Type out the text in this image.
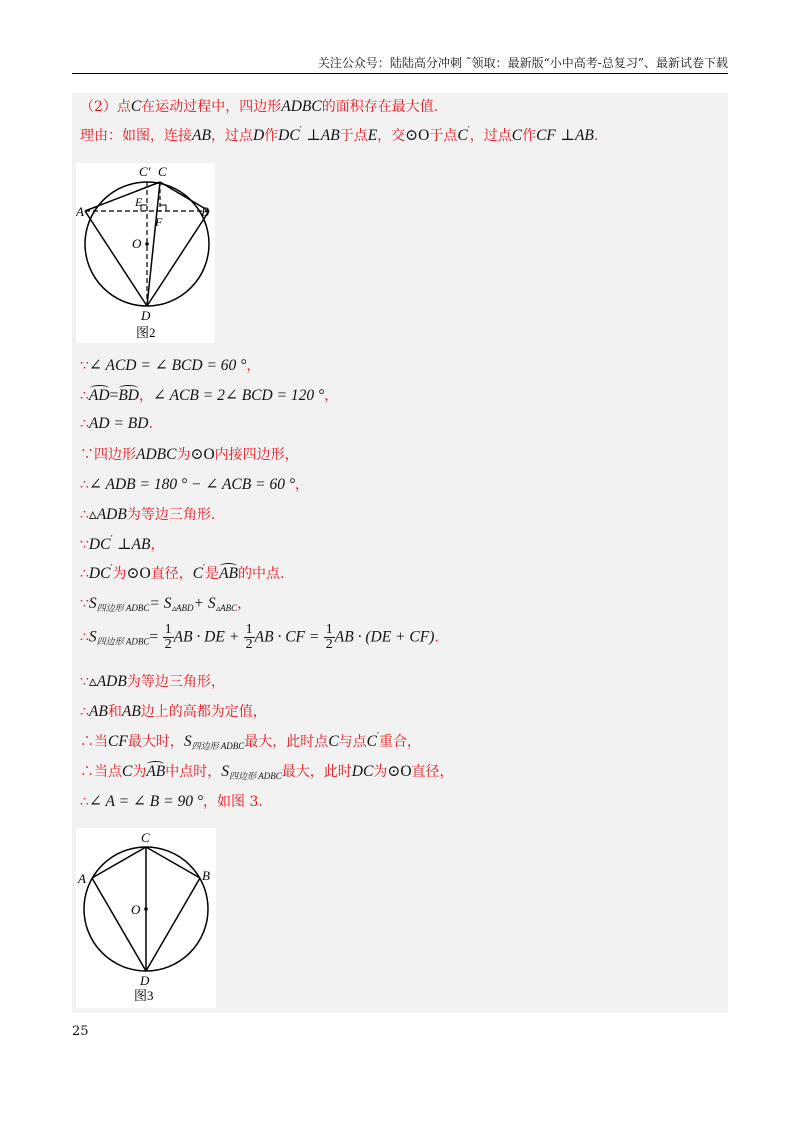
关注公众号：陆陆高分冲刺 ˜领取：最新版“小中高考-总复习”、最新试卷下载
（2）点C在运动过程中，四边形ADBC的面积存在最大值.
理由：如图，连接AB，过点D作DC′ ⊥AB于点E，交⊙O于点C′，过点C作CF ⊥AB.
C′ C
A	B
E
F
O
D
图2
∵∠ ACD = ∠ BCD = 60 °，
∴AD=BD，∠ ACB = 2∠ BCD = 120 °，
∴AD = BD.
∵四边形ADBC为⊙O内接四边形，
∴∠ ADB = 180 ° − ∠ ACB = 60 °，
∴▵ADB为等边三角形.
∵DC′ ⊥AB，
∴DC′为⊙O直径，C′是AB的中点.
$\because S_{四边形 ADBC}= S_{▵ABD}+ S_{▵ABC}$，
$\therefore S_{四边形 ADBC}= \frac{1}{2}$ AB · DE + $\frac{1}{2}$ AB · CF = $\frac{1}{2}$ AB · (DE + CF).
∵▵ADB为等边三角形，
∴AB和AB边上的高都为定值，
∴当CF最大时，$S_{四边形 ADBC}$最大，此时点C与点C′重合，
∴当点C为AB中点时，$S_{四边形 ADBC}$最大，此时DC为⊙O直径，
∴∠ A = ∠ B = 90 °，如图 3.
C
A	B
O
D
图3
25
